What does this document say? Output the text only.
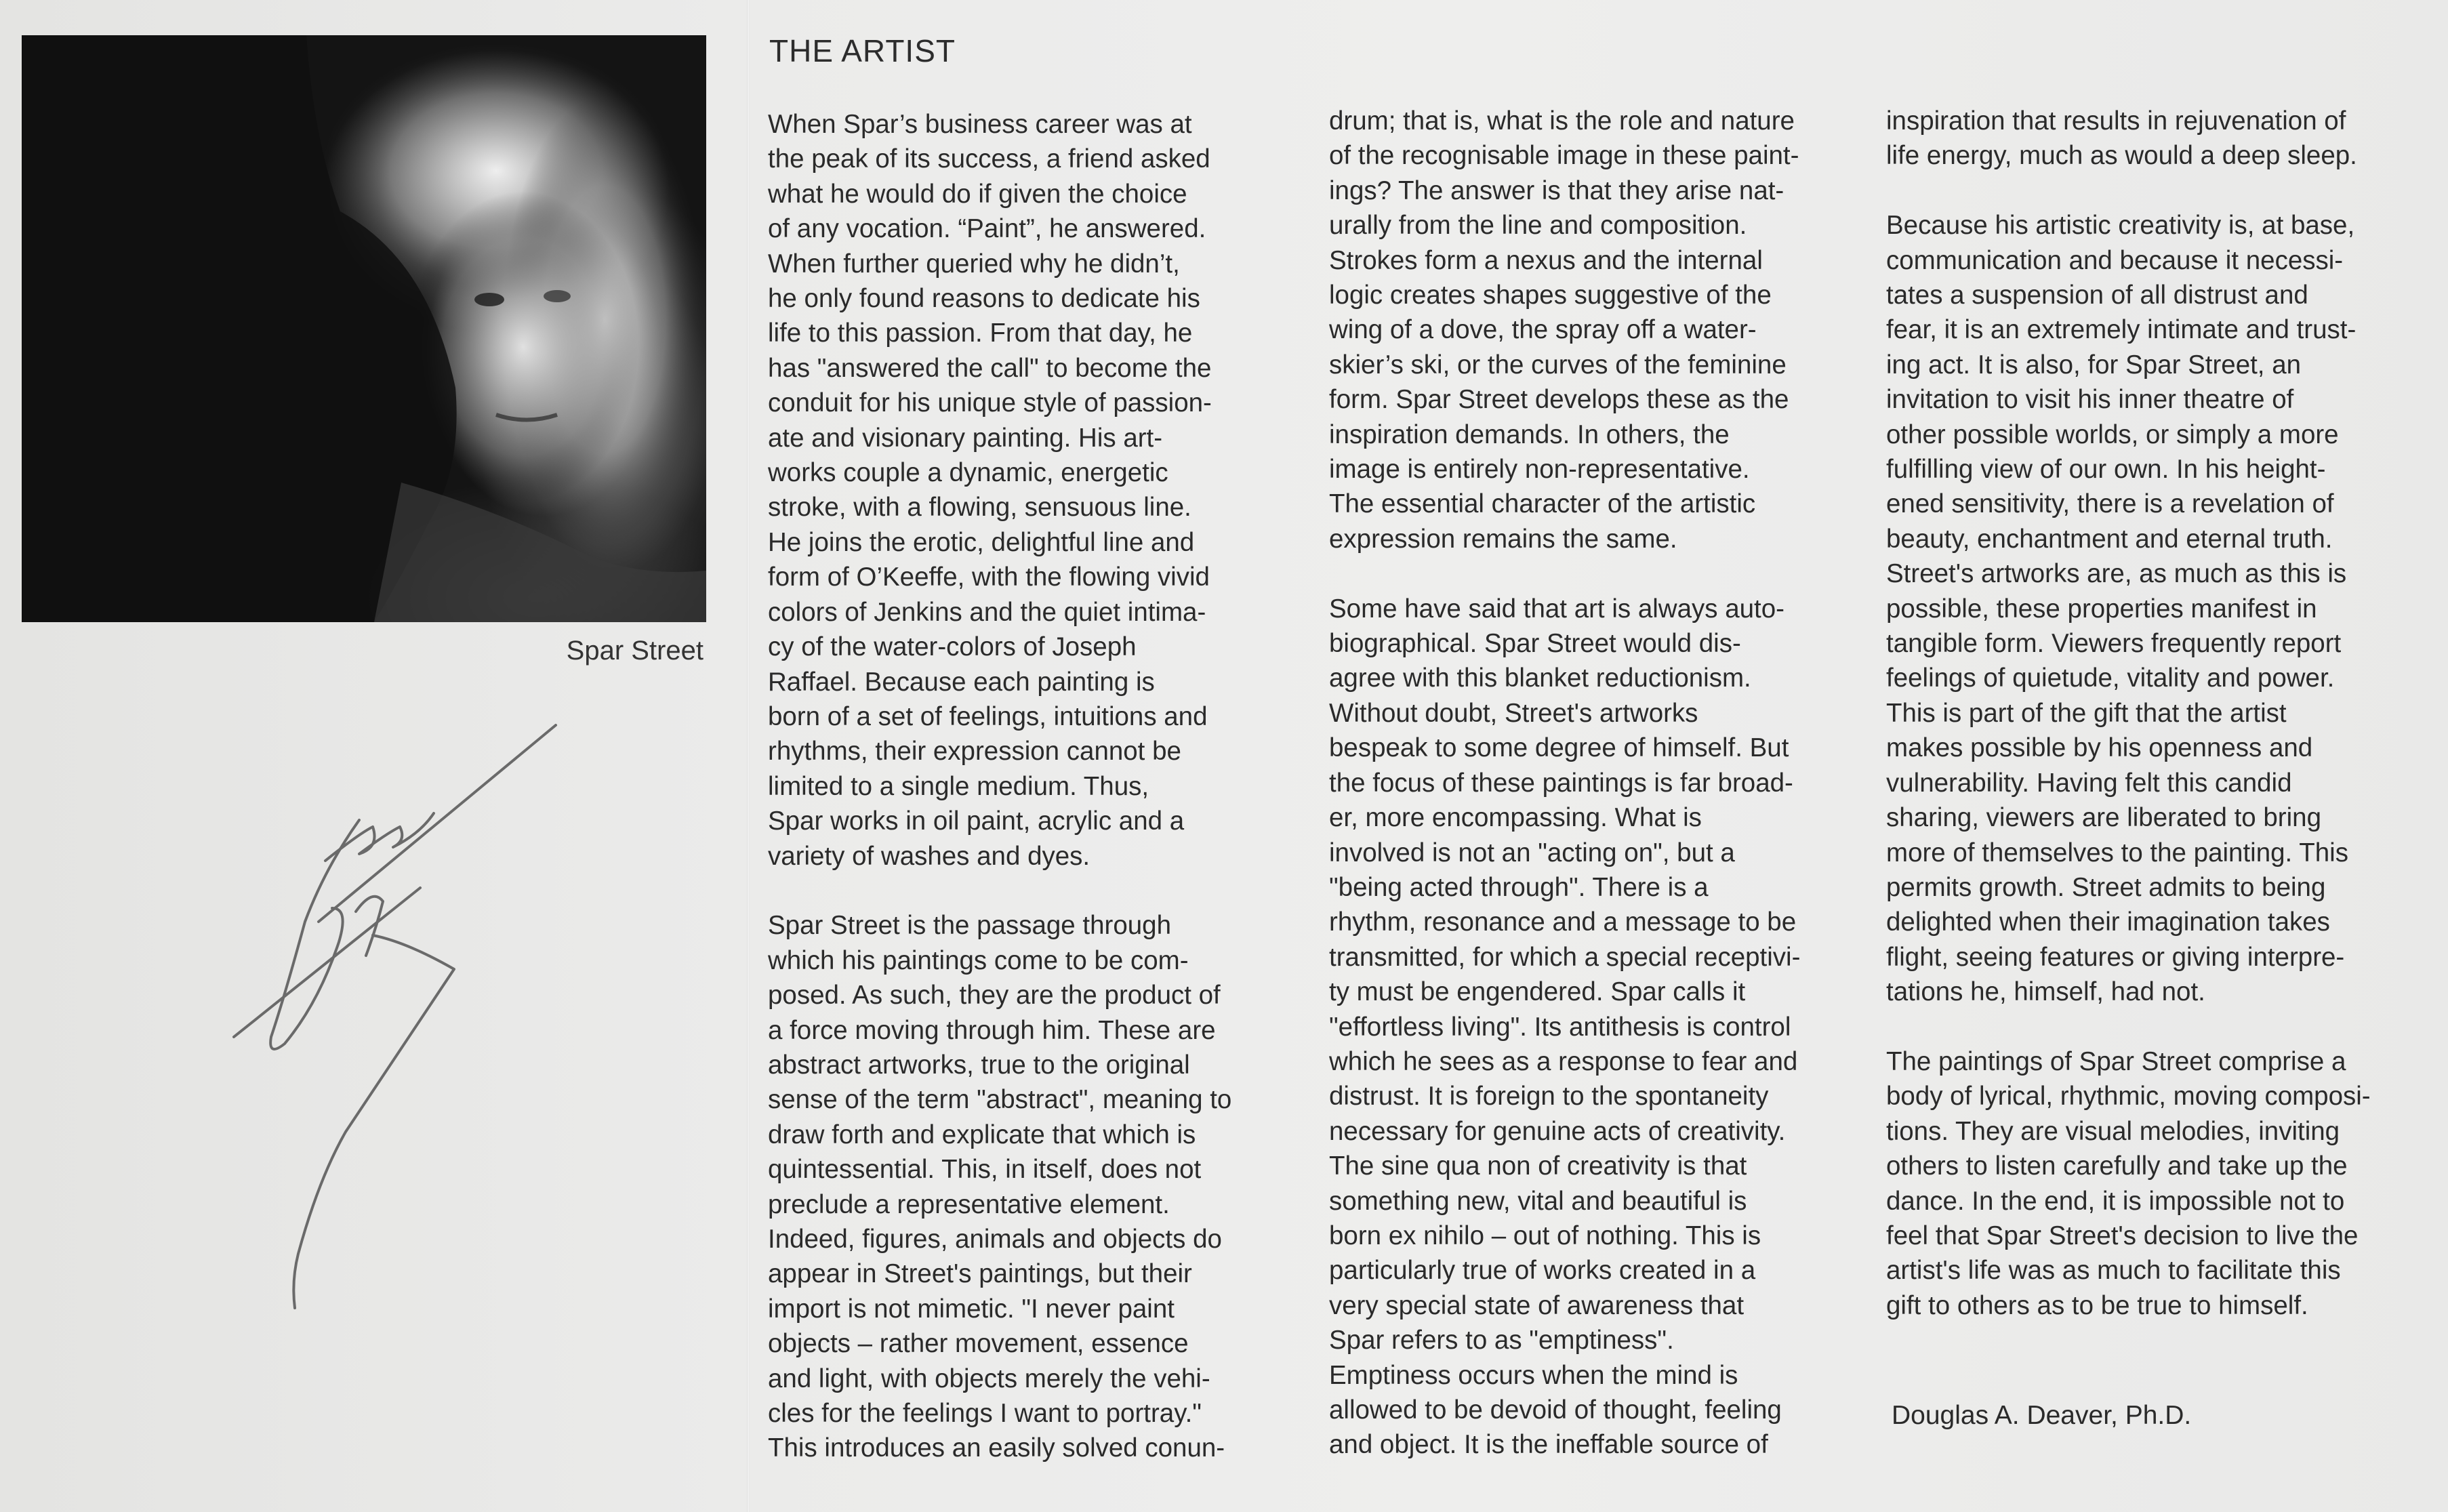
Spar Street
THE ARTIST

When Spar’s business career was at
the peak of its success, a friend asked
what he would do if given the choice
of any vocation. “Paint”, he answered.
When further queried why he didn’t,
he only found reasons to dedicate his
life to this passion. From that day, he
has "answered the call" to become the
conduit for his unique style of passion-
ate and visionary painting. His art-
works couple a dynamic, energetic
stroke, with a flowing, sensuous line.
He joins the erotic, delightful line and
form of O’Keeffe, with the flowing vivid
colors of Jenkins and the quiet intima-
cy of the water-colors of Joseph
Raffael. Because each painting is
born of a set of feelings, intuitions and
rhythms, their expression cannot be
limited to a single medium. Thus,
Spar works in oil paint, acrylic and a
variety of washes and dyes.

Spar Street is the passage through
which his paintings come to be com-
posed. As such, they are the product of
a force moving through him. These are
abstract artworks, true to the original
sense of the term "abstract", meaning to
draw forth and explicate that which is
quintessential. This, in itself, does not
preclude a representative element.
Indeed, figures, animals and objects do
appear in Street's paintings, but their
import is not mimetic. "I never paint
objects – rather movement, essence
and light, with objects merely the vehi-
cles for the feelings I want to portray."
This introduces an easily solved conun-

drum; that is, what is the role and nature
of the recognisable image in these paint-
ings? The answer is that they arise nat-
urally from the line and composition.
Strokes form a nexus and the internal
logic creates shapes suggestive of the
wing of a dove, the spray off a water-
skier’s ski, or the curves of the feminine
form. Spar Street develops these as the
inspiration demands. In others, the
image is entirely non-representative.
The essential character of the artistic
expression remains the same.

Some have said that art is always auto-
biographical. Spar Street would dis-
agree with this blanket reductionism.
Without doubt, Street's artworks
bespeak to some degree of himself. But
the focus of these paintings is far broad-
er, more encompassing. What is
involved is not an "acting on", but a
"being acted through". There is a
rhythm, resonance and a message to be
transmitted, for which a special receptivi-
ty must be engendered. Spar calls it
"effortless living". Its antithesis is control
which he sees as a response to fear and
distrust. It is foreign to the spontaneity
necessary for genuine acts of creativity.
The sine qua non of creativity is that
something new, vital and beautiful is
born ex nihilo – out of nothing. This is
particularly true of works created in a
very special state of awareness that
Spar refers to as "emptiness".
Emptiness occurs when the mind is
allowed to be devoid of thought, feeling
and object. It is the ineffable source of

inspiration that results in rejuvenation of
life energy, much as would a deep sleep.

Because his artistic creativity is, at base,
communication and because it necessi-
tates a suspension of all distrust and
fear, it is an extremely intimate and trust-
ing act. It is also, for Spar Street, an
invitation to visit his inner theatre of
other possible worlds, or simply a more
fulfilling view of our own. In his height-
ened sensitivity, there is a revelation of
beauty, enchantment and eternal truth.
Street's artworks are, as much as this is
possible, these properties manifest in
tangible form. Viewers frequently report
feelings of quietude, vitality and power.
This is part of the gift that the artist
makes possible by his openness and
vulnerability. Having felt this candid
sharing, viewers are liberated to bring
more of themselves to the painting. This
permits growth. Street admits to being
delighted when their imagination takes
flight, seeing features or giving interpre-
tations he, himself, had not.

The paintings of Spar Street comprise a
body of lyrical, rhythmic, moving composi-
tions. They are visual melodies, inviting
others to listen carefully and take up the
dance. In the end, it is impossible not to
feel that Spar Street's decision to live the
artist's life was as much to facilitate this
gift to others as to be true to himself.

Douglas A. Deaver, Ph.D.
